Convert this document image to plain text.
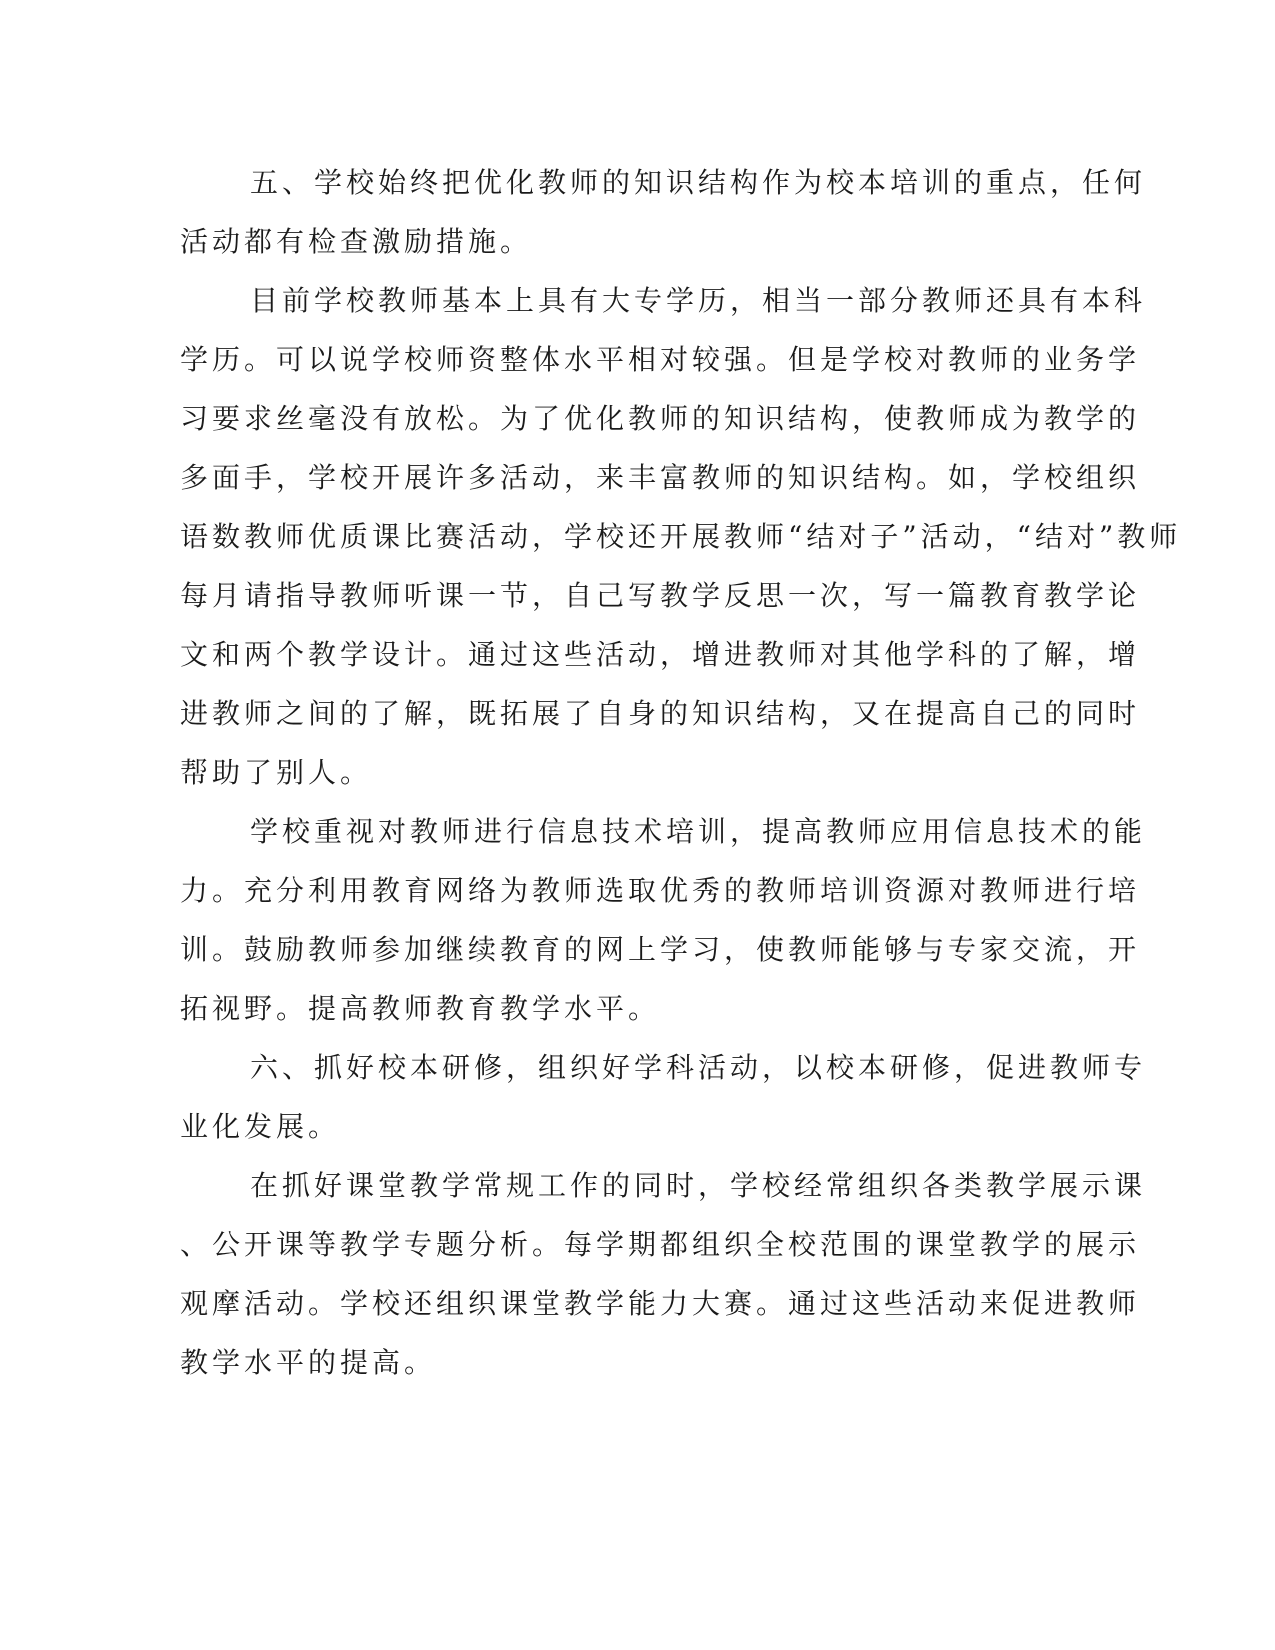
五、学校始终把优化教师的知识结构作为校本培训的重点，任何
活动都有检查激励措施。
目前学校教师基本上具有大专学历，相当一部分教师还具有本科
学历。可以说学校师资整体水平相对较强。但是学校对教师的业务学
习要求丝毫没有放松。为了优化教师的知识结构，使教师成为教学的
多面手，学校开展许多活动，来丰富教师的知识结构。如，学校组织
语数教师优质课比赛活动，学校还开展教师“结对子”活动，“结对”教师
每月请指导教师听课一节，自己写教学反思一次，写一篇教育教学论
文和两个教学设计。通过这些活动，增进教师对其他学科的了解，增
进教师之间的了解，既拓展了自身的知识结构，又在提高自己的同时
帮助了别人。
学校重视对教师进行信息技术培训，提高教师应用信息技术的能
力。充分利用教育网络为教师选取优秀的教师培训资源对教师进行培
训。鼓励教师参加继续教育的网上学习，使教师能够与专家交流，开
拓视野。提高教师教育教学水平。
六、抓好校本研修，组织好学科活动，以校本研修，促进教师专
业化发展。
在抓好课堂教学常规工作的同时，学校经常组织各类教学展示课
、公开课等教学专题分析。每学期都组织全校范围的课堂教学的展示
观摩活动。学校还组织课堂教学能力大赛。通过这些活动来促进教师
教学水平的提高。
